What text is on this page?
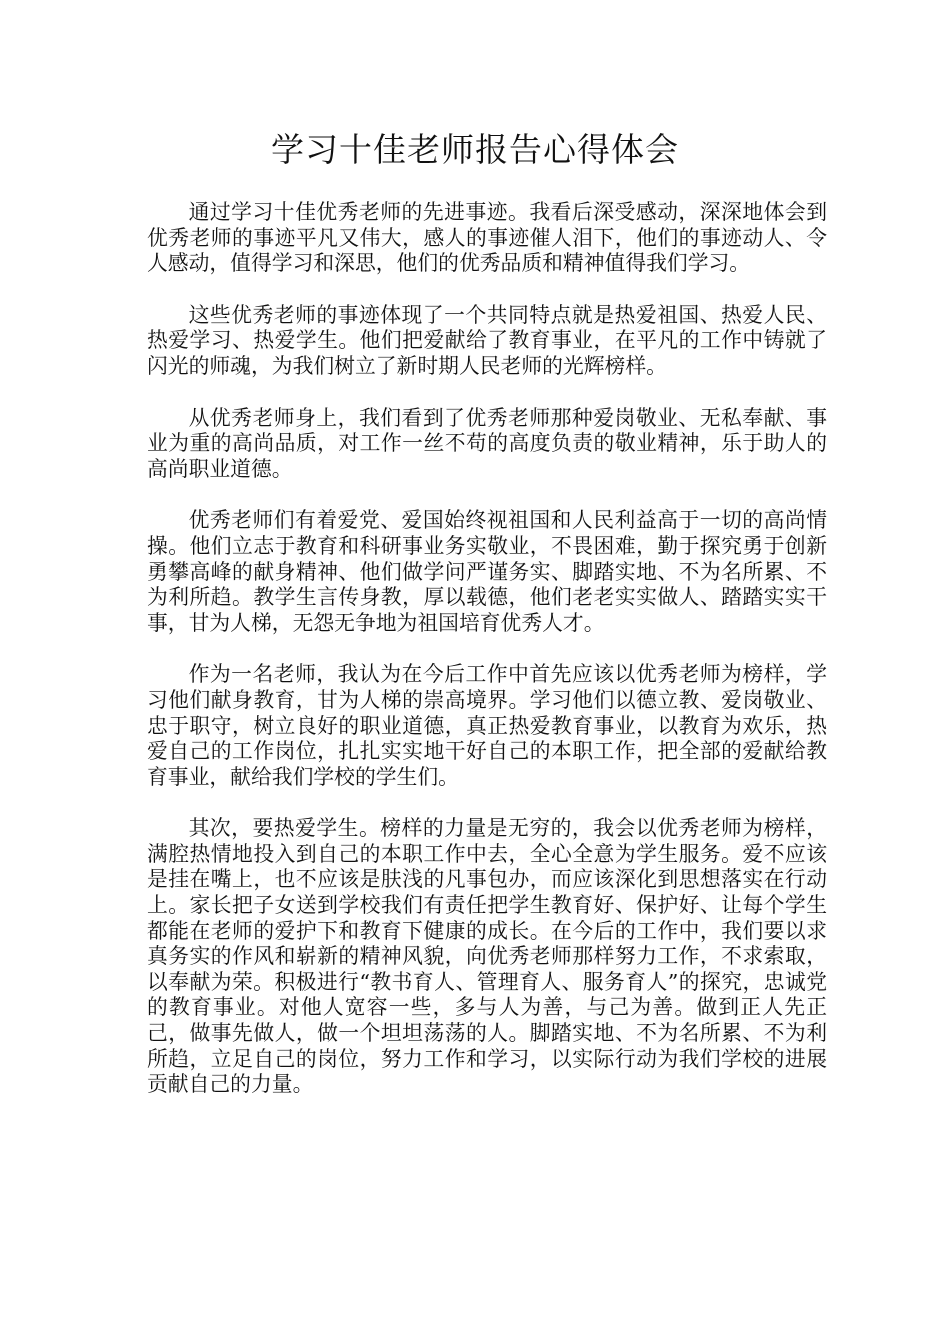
学习十佳老师报告心得体会

通过学习十佳优秀老师的先进事迹。我看后深受感动，深深地体会到优秀老师的事迹平凡又伟大，感人的事迹催人泪下，他们的事迹动人、令人感动，值得学习和深思，他们的优秀品质和精神值得我们学习。

这些优秀老师的事迹体现了一个共同特点就是热爱祖国、热爱人民、热爱学习、热爱学生。他们把爱献给了教育事业，在平凡的工作中铸就了闪光的师魂，为我们树立了新时期人民老师的光辉榜样。

从优秀老师身上，我们看到了优秀老师那种爱岗敬业、无私奉献、事业为重的高尚品质，对工作一丝不苟的高度负责的敬业精神，乐于助人的高尚职业道德。

优秀老师们有着爱党、爱国始终视祖国和人民利益高于一切的高尚情操。他们立志于教育和科研事业务实敬业，不畏困难，勤于探究勇于创新勇攀高峰的献身精神、他们做学问严谨务实、脚踏实地、不为名所累、不为利所趋。教学生言传身教，厚以载德，他们老老实实做人、踏踏实实干事，甘为人梯，无怨无争地为祖国培育优秀人才。

作为一名老师，我认为在今后工作中首先应该以优秀老师为榜样，学习他们献身教育，甘为人梯的崇高境界。学习他们以德立教、爱岗敬业、忠于职守，树立良好的职业道德，真正热爱教育事业，以教育为欢乐，热爱自己的工作岗位，扎扎实实地干好自己的本职工作，把全部的爱献给教育事业，献给我们学校的学生们。

其次，要热爱学生。榜样的力量是无穷的，我会以优秀老师为榜样，满腔热情地投入到自己的本职工作中去，全心全意为学生服务。爱不应该是挂在嘴上，也不应该是肤浅的凡事包办，而应该深化到思想落实在行动上。家长把子女送到学校我们有责任把学生教育好、保护好、让每个学生都能在老师的爱护下和教育下健康的成长。在今后的工作中，我们要以求真务实的作风和崭新的精神风貌，向优秀老师那样努力工作，不求索取，以奉献为荣。积极进行“教书育人、管理育人、服务育人”的探究，忠诚党的教育事业。对他人宽容一些，多与人为善，与己为善。做到正人先正己，做事先做人，做一个坦坦荡荡的人。脚踏实地、不为名所累、不为利所趋，立足自己的岗位，努力工作和学习，以实际行动为我们学校的进展贡献自己的力量。
